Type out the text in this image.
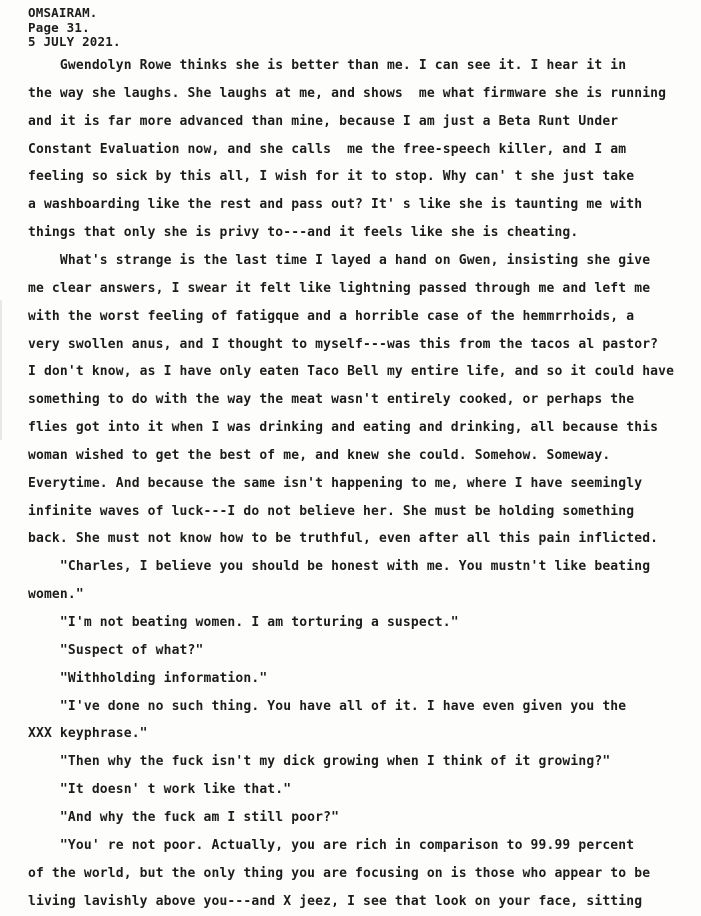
OMSAIRAM.
Page 31.
5 JULY 2021.
Gwendolyn Rowe thinks she is better than me. I can see it. I hear it in
the way she laughs. She laughs at me, and shows  me what firmware she is running
and it is far more advanced than mine, because I am just a Beta Runt Under
Constant Evaluation now, and she calls  me the free-speech killer, and I am
feeling so sick by this all, I wish for it to stop. Why can' t she just take
a washboarding like the rest and pass out? It' s like she is taunting me with
things that only she is privy to---and it feels like she is cheating.
What's strange is the last time I layed a hand on Gwen, insisting she give
me clear answers, I swear it felt like lightning passed through me and left me
with the worst feeling of fatigque and a horrible case of the hemmrrhoids, a
very swollen anus, and I thought to myself---was this from the tacos al pastor?
I don't know, as I have only eaten Taco Bell my entire life, and so it could have
something to do with the way the meat wasn't entirely cooked, or perhaps the
flies got into it when I was drinking and eating and drinking, all because this
woman wished to get the best of me, and knew she could. Somehow. Someway.
Everytime. And because the same isn't happening to me, where I have seemingly
infinite waves of luck---I do not believe her. She must be holding something
back. She must not know how to be truthful, even after all this pain inflicted.
"Charles, I believe you should be honest with me. You mustn't like beating
women."
"I'm not beating women. I am torturing a suspect."
"Suspect of what?"
"Withholding information."
"I've done no such thing. You have all of it. I have even given you the
XXX keyphrase."
"Then why the fuck isn't my dick growing when I think of it growing?"
"It doesn' t work like that."
"And why the fuck am I still poor?"
"You' re not poor. Actually, you are rich in comparison to 99.99 percent
of the world, but the only thing you are focusing on is those who appear to be
living lavishly above you---and X jeez, I see that look on your face, sitting
